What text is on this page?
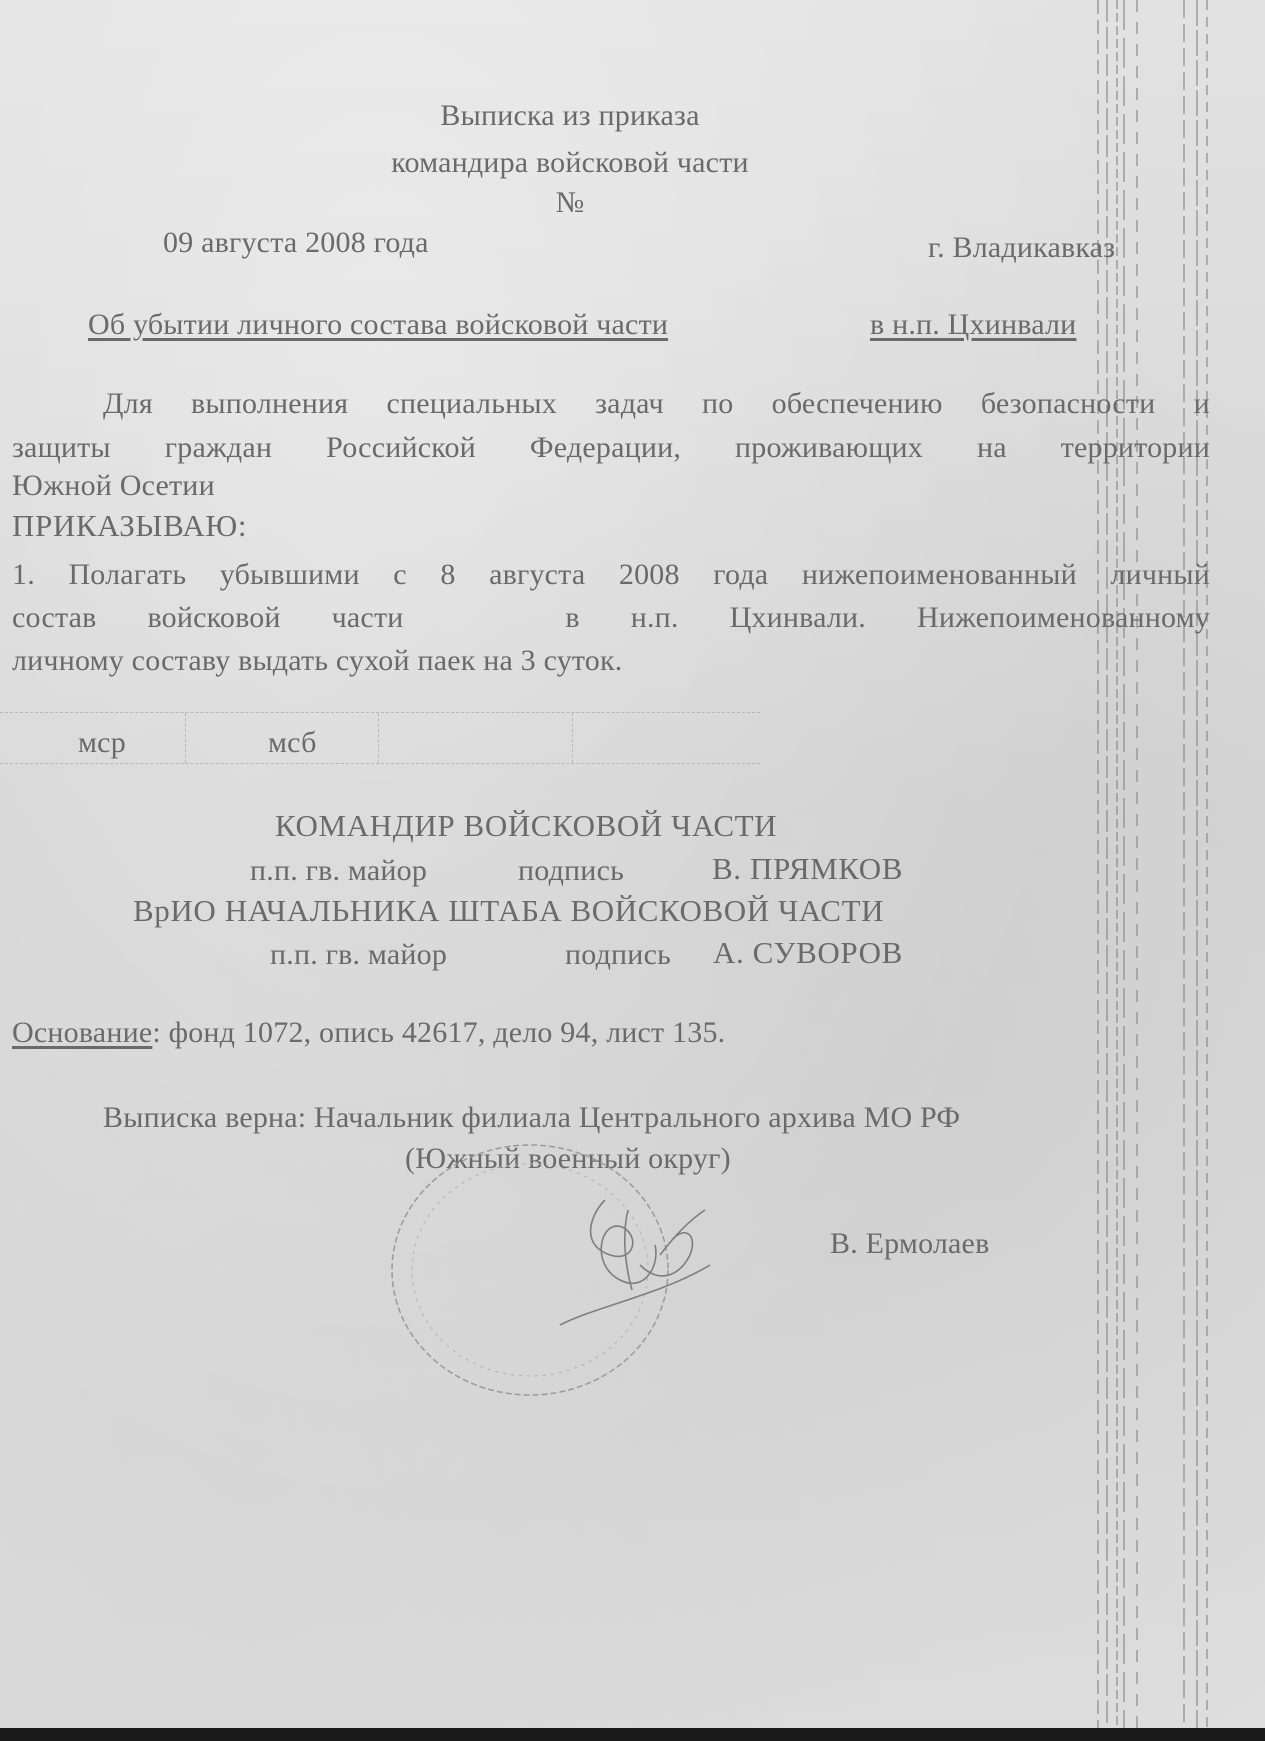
Выписка из приказа
командира войсковой части
№
09 августа 2008 года	г. Владикавказ
Об убытии личного состава войсковой части	в н.п. Цхинвали
Для выполнения специальных задач по обеспечению безопасности и
защиты граждан Российской Федерации, проживающих на территории
Южной Осетии
ПРИКАЗЫВАЮ:
1. Полагать убывшими с 8 августа 2008 года нижепоименованный личный
состав войсковой части	в н.п. Цхинвали. Нижепоименованному
личному составу выдать сухой паек на 3 суток.
мср	мсб
КОМАНДИР ВОЙСКОВОЙ ЧАСТИ
п.п. гв. майор	подпись	В. ПРЯМКОВ
ВрИО НАЧАЛЬНИКА ШТАБА ВОЙСКОВОЙ ЧАСТИ
п.п. гв. майор	подпись А. СУВОРОВ
Основание: фонд 1072, опись 42617, дело 94, лист 135.
Выписка верна: Начальник филиала Центрального архива МО РФ
(Южный военный округ)
В. Ермолаев
